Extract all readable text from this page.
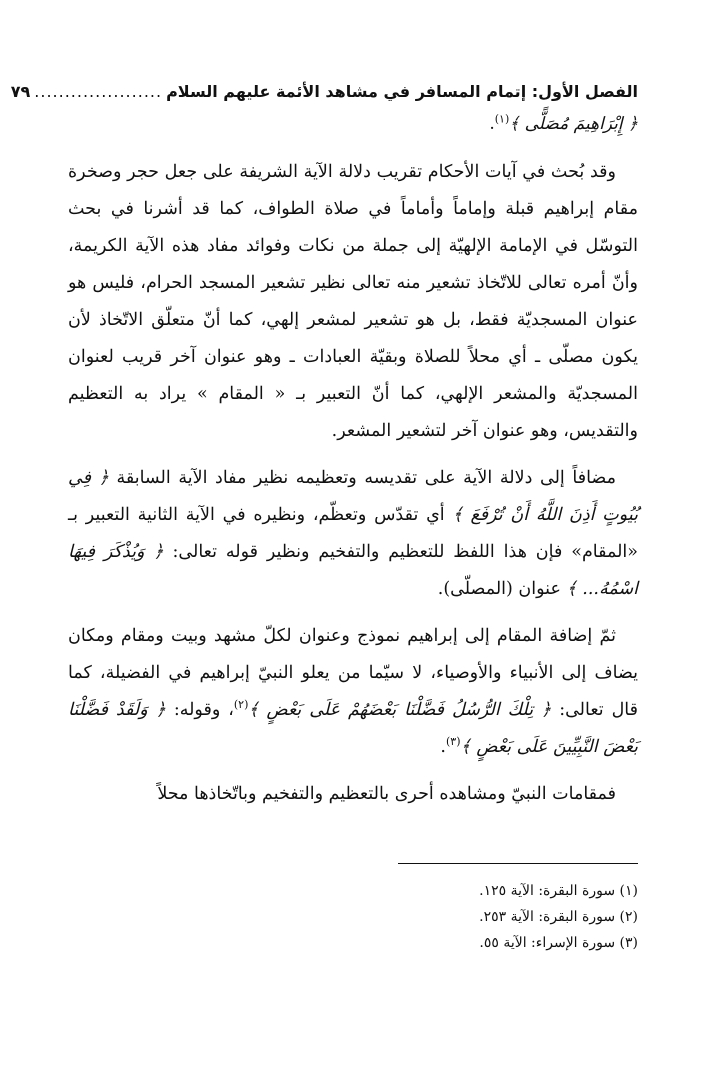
الفصل الأول: إتمام المسافر في مشاهد الأئمة عليهم السلام
.....................
٧٩

﴿ إِبْرَاهِيمَ مُصَلًّى ﴾$^{(١)}$.

وقد بُحث في آيات الأحكام تقريب دلالة الآية الشريفة على جعل حجر وصخرة مقام إبراهيم قبلة وإماماً وأماماً في صلاة الطواف، كما قد أشرنا في بحث التوسّل في الإمامة الإلهيّة إلى جملة من نكات وفوائد مفاد هذه الآية الكريمة، وأنّ أمره تعالى للاتّخاذ تشعير منه تعالى نظير تشعير المسجد الحرام، فليس هو عنوان المسجديّة فقط، بل هو تشعير لمشعر إلهي، كما أنّ متعلّق الاتّخاذ لأن يكون مصلّى ـ أي محلاً للصلاة وبقيّة العبادات ـ وهو عنوان آخر قريب لعنوان المسجديّة والمشعر الإلهي، كما أنّ التعبير بـ « المقام » يراد به التعظيم والتقديس، وهو عنوان آخر لتشعير المشعر.

مضافاً إلى دلالة الآية على تقديسه وتعظيمه نظير مفاد الآية السابقة ﴿ فِي بُيُوتٍ أَذِنَ اللَّهُ أَنْ تُرْفَعَ ﴾ أي تقدّس وتعظّم، ونظيره في الآية الثانية التعبير بـ «المقام» فإن هذا اللفظ للتعظيم والتفخيم ونظير قوله تعالى: ﴿ وَيُذْكَرَ فِيهَا اسْمُهُ... ﴾ عنوان (المصلّى).

ثمّ إضافة المقام إلى إبراهيم نموذج وعنوان لكلّ مشهد وبيت ومقام ومكان يضاف إلى الأنبياء والأوصياء، لا سيّما من يعلو النبيّ إبراهيم في الفضيلة، كما قال تعالى: ﴿ تِلْكَ الرُّسُلُ فَضَّلْنَا بَعْضَهُمْ عَلَى بَعْضٍ ﴾$^{(٢)}$، وقوله: ﴿ وَلَقَدْ فَضَّلْنَا بَعْضَ النَّبِيِّينَ عَلَى بَعْضٍ ﴾$^{(٣)}$.

فمقامات النبيّ ومشاهده أحرى بالتعظيم والتفخيم وباتّخاذها محلاً

(١) سورة البقرة: الآية ١٢٥.

(٢) سورة البقرة: الآية ٢٥٣.

(٣) سورة الإسراء: الآية ٥٥.
